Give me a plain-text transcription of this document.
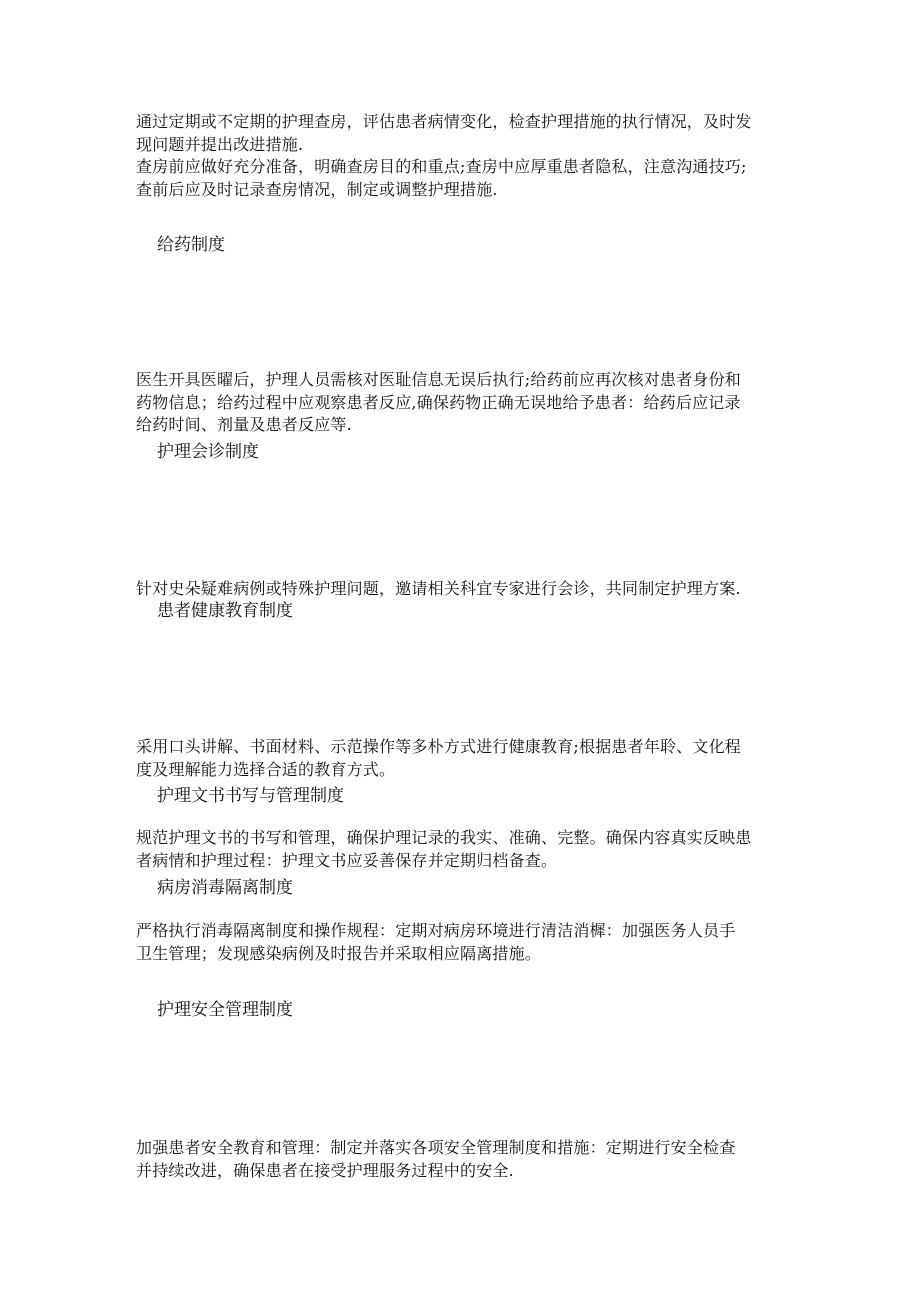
通过定期或不定期的护理查房，评估患者病情变化，检查护理措施的执行情况，及时发
现问题并提出改进措施.
查房前应做好充分准备，明确查房目的和重点;查房中应厚重患者隐私，注意沟通技巧;
查前后应及时记录查房情况，制定或调整护理措施.

给药制度

医生开具医曜后，护理人员需核对医耻信息无误后执行;给药前应再次核对患者身份和
药物信息；给药过程中应观察患者反应,确保药物正确无误地给予患者：给药后应记录
给药时间、剂量及患者反应等.

护理会诊制度

针对史朵疑难病例或特殊护理问题，邀请相关科宜专家进行会诊，共同制定护理方案.

患者健康教育制度

采用口头讲解、书面材料、示范操作等多朴方式进行健康教育;根据患者年聆、文化程
度及理解能力选择合适的教育方式。

护理文书书写与管理制度

规范护理文书的书写和管理，确保护理记录的我实、准确、完整。确保内容真实反映患
者病情和护理过程：护理文书应妥善保存并定期归档备查。

病房消毒隔离制度

严格执行消毒隔离制度和操作规程：定期对病房环境进行清洁消樨：加强医务人员手
卫生管理；发现感染病例及时报告并采取相应隔离措施。

护理安全管理制度

加强患者安全教育和管理：制定并落实各项安全管理制度和措施：定期进行安全检查
并持续改进，确保患者在接受护理服务过程中的安全.
